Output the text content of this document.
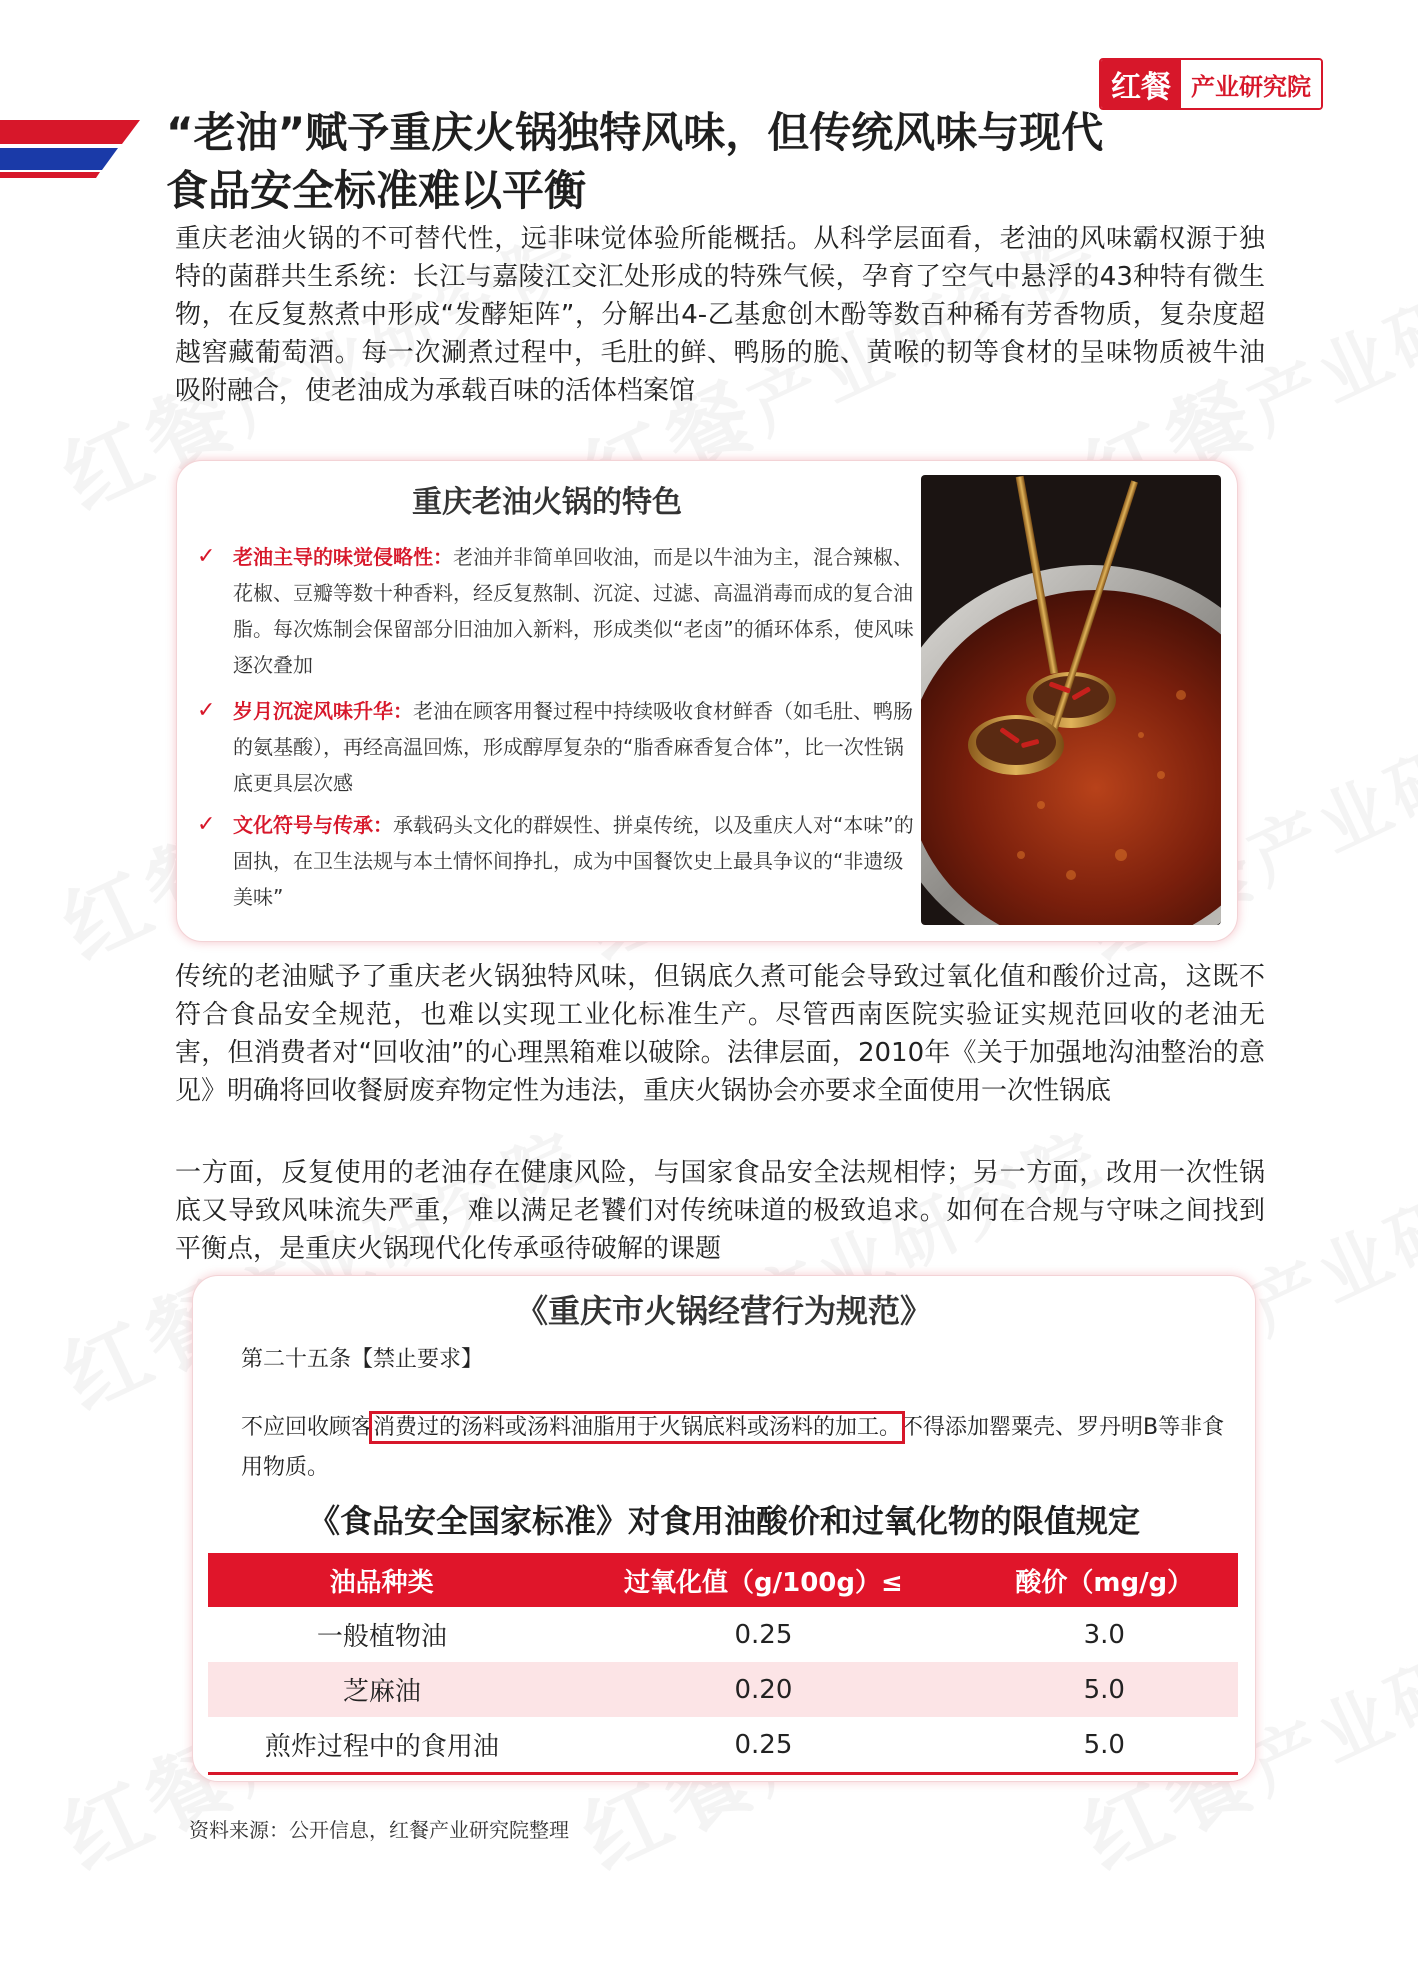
红餐 产业研究院
“老油”赋予重庆火锅独特风味，但传统风味与现代
食品安全标准难以平衡

重庆老油火锅的不可替代性，远非味觉体验所能概括。从科学层面看，老油的风味霸权源于独特的菌群共生系统：长江与嘉陵江交汇处形成的特殊气候，孕育了空气中悬浮的43种特有微生物，在反复熬煮中形成“发酵矩阵”，分解出4-乙基愈创木酚等数百种稀有芳香物质，复杂度超越窖藏葡萄酒。每一次涮煮过程中，毛肚的鲜、鸭肠的脆、黄喉的韧等食材的呈味物质被牛油吸附融合，使老油成为承载百味的活体档案馆

重庆老油火锅的特色
✓ 老油主导的味觉侵略性：老油并非简单回收油，而是以牛油为主，混合辣椒、花椒、豆瓣等数十种香料，经反复熬制、沉淀、过滤、高温消毒而成的复合油脂。每次炼制会保留部分旧油加入新料，形成类似“老卤”的循环体系，使风味逐次叠加
✓ 岁月沉淀风味升华：老油在顾客用餐过程中持续吸收食材鲜香（如毛肚、鸭肠的氨基酸），再经高温回炼，形成醇厚复杂的“脂香麻香复合体”，比一次性锅底更具层次感
✓ 文化符号与传承：承载码头文化的群娱性、拼桌传统，以及重庆人对“本味”的固执，在卫生法规与本土情怀间挣扎，成为中国餐饮史上最具争议的“非遗级美味”

传统的老油赋予了重庆老火锅独特风味，但锅底久煮可能会导致过氧化值和酸价过高，这既不符合食品安全规范，也难以实现工业化标准生产。尽管西南医院实验证实规范回收的老油无害，但消费者对“回收油”的心理黑箱难以破除。法律层面，2010年《关于加强地沟油整治的意见》明确将回收餐厨废弃物定性为违法，重庆火锅协会亦要求全面使用一次性锅底

一方面，反复使用的老油存在健康风险，与国家食品安全法规相悖；另一方面，改用一次性锅底又导致风味流失严重，难以满足老饕们对传统味道的极致追求。如何在合规与守味之间找到平衡点，是重庆火锅现代化传承亟待破解的课题

《重庆市火锅经营行为规范》
第二十五条【禁止要求】
不应回收顾客消费过的汤料或汤料油脂用于火锅底料或汤料的加工。不得添加罂粟壳、罗丹明B等非食用物质。
《食品安全国家标准》对食用油酸价和过氧化物的限值规定
油品种类	过氧化值（g/100g）≤	酸价（mg/g）
一般植物油	0.25	3.0
芝麻油	0.20	5.0
煎炸过程中的食用油	0.25	5.0
资料来源：公开信息，红餐产业研究院整理
